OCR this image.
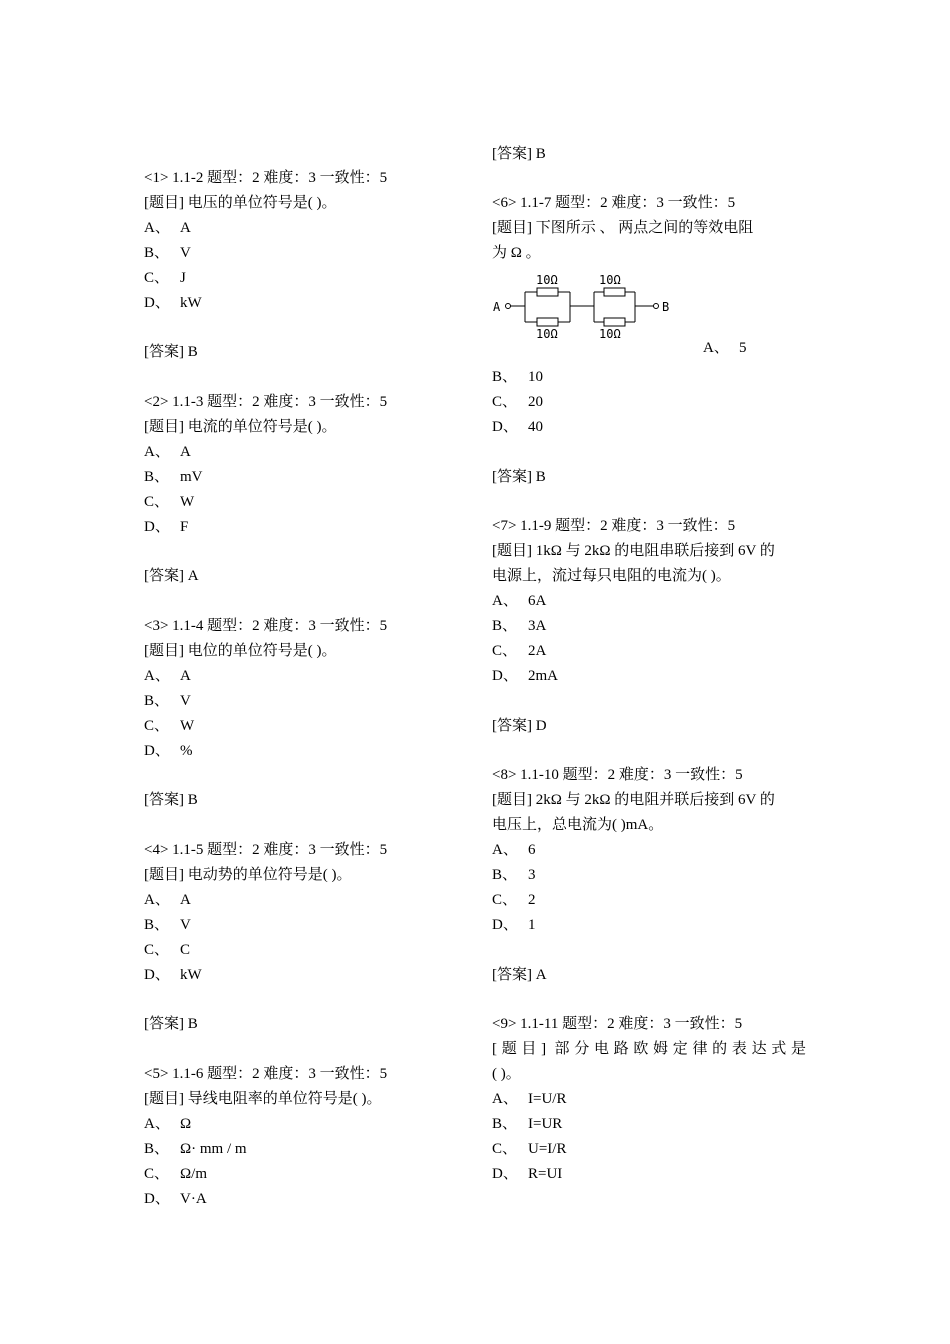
<1> 1.1-2 题型：2 难度：3 一致性：5
[题目] 电压的单位符号是( )。
A、 A
B、 V
C、 J
D、 kW
[答案] B
<2> 1.1-3 题型：2 难度：3 一致性：5
[题目] 电流的单位符号是( )。
A、 A
B、 mV
C、 W
D、 F
[答案] A
<3> 1.1-4 题型：2 难度：3 一致性：5
[题目] 电位的单位符号是( )。
A、 A
B、 V
C、 W
D、 %
[答案] B
<4> 1.1-5 题型：2 难度：3 一致性：5
[题目] 电动势的单位符号是( )。
A、 A
B、 V
C、 C
D、 kW
[答案] B
<5> 1.1-6 题型：2 难度：3 一致性：5
[题目] 导线电阻率的单位符号是( )。
A、 Ω
B、 Ω· mm / m
C、 Ω/m
D、 V·A
[答案] B
<6> 1.1-7 题型：2 难度：3 一致性：5
[题目] 下图所示 、 两点之间的等效电阻
为 Ω 。
A	B
10Ω	10Ω
10Ω	10Ω
A、 5
B、 10
C、 20
D、 40
[答案] B
<7> 1.1-9 题型：2 难度：3 一致性：5
[题目] 1kΩ 与 2kΩ 的电阻串联后接到 6V 的
电源上，流过每只电阻的电流为( )。
A、 6A
B、 3A
C、 2A
D、 2mA
[答案] D
<8> 1.1-10 题型：2 难度：3 一致性：5
[题目] 2kΩ 与 2kΩ 的电阻并联后接到 6V 的
电压上，总电流为( )mA。
A、 6
B、 3
C、 2
D、 1
[答案] A
<9> 1.1-11 题型：2 难度：3 一致性：5
[题目] 部分电路欧姆定律的表达式是
( )。
A、 I=U/R
B、 I=UR
C、 U=I/R
D、 R=UI
